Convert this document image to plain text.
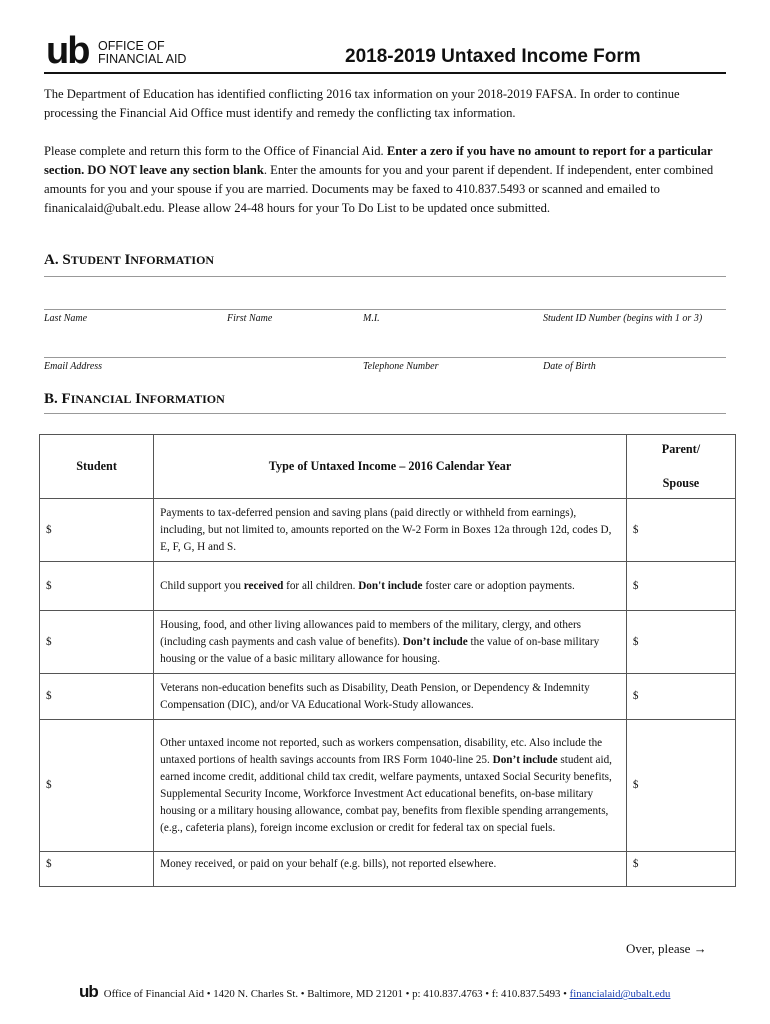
ub OFFICE OF
FINANCIAL AID	2018-2019 Untaxed Income Form
The Department of Education has identified conflicting 2016 tax information on your 2018-2019 FAFSA. In order to continue processing the Financial Aid Office must identify and remedy the conflicting tax information.
Please complete and return this form to the Office of Financial Aid. Enter a zero if you have no amount to report for a particular section. DO NOT leave any section blank. Enter the amounts for you and your parent if dependent. If independent, enter combined amounts for you and your spouse if you are married. Documents may be faxed to 410.837.5493 or scanned and emailed to finanicalaid@ubalt.edu. Please allow 24-48 hours for your To Do List to be updated once submitted.
A. STUDENT INFORMATION
Last Name	First Name	M.I.	Student ID Number (begins with 1 or 3)
Email Address	Telephone Number	Date of Birth
B. FINANCIAL INFORMATION
Student	Type of Untaxed Income – 2016 Calendar Year	Parent/

Spouse
$	Payments to tax-deferred pension and saving plans (paid directly or withheld from earnings), including, but not limited to, amounts reported on the W-2 Form in Boxes 12a through 12d, codes D, E, F, G, H and S.	$
$	Child support you received for all children. Don't include foster care or adoption payments.	$
$	Housing, food, and other living allowances paid to members of the military, clergy, and others (including cash payments and cash value of benefits). Don’t include the value of on-base military housing or the value of a basic military allowance for housing.	$
$	Veterans non-education benefits such as Disability, Death Pension, or Dependency & Indemnity Compensation (DIC), and/or VA Educational Work-Study allowances.	$
$	Other untaxed income not reported, such as workers compensation, disability, etc. Also include the untaxed portions of health savings accounts from IRS Form 1040-line 25. Don’t include student aid, earned income credit, additional child tax credit, welfare payments, untaxed Social Security benefits, Supplemental Security Income, Workforce Investment Act educational benefits, on-base military housing or a military housing allowance, combat pay, benefits from flexible spending arrangements, (e.g., cafeteria plans), foreign income exclusion or credit for federal tax on special fuels.	$
$	Money received, or paid on your behalf (e.g. bills), not reported elsewhere.	$
Over, please →
ub Office of Financial Aid • 1420 N. Charles St. • Baltimore, MD 21201 • p: 410.837.4763 • f: 410.837.5493 • financialaid@ubalt.edu
